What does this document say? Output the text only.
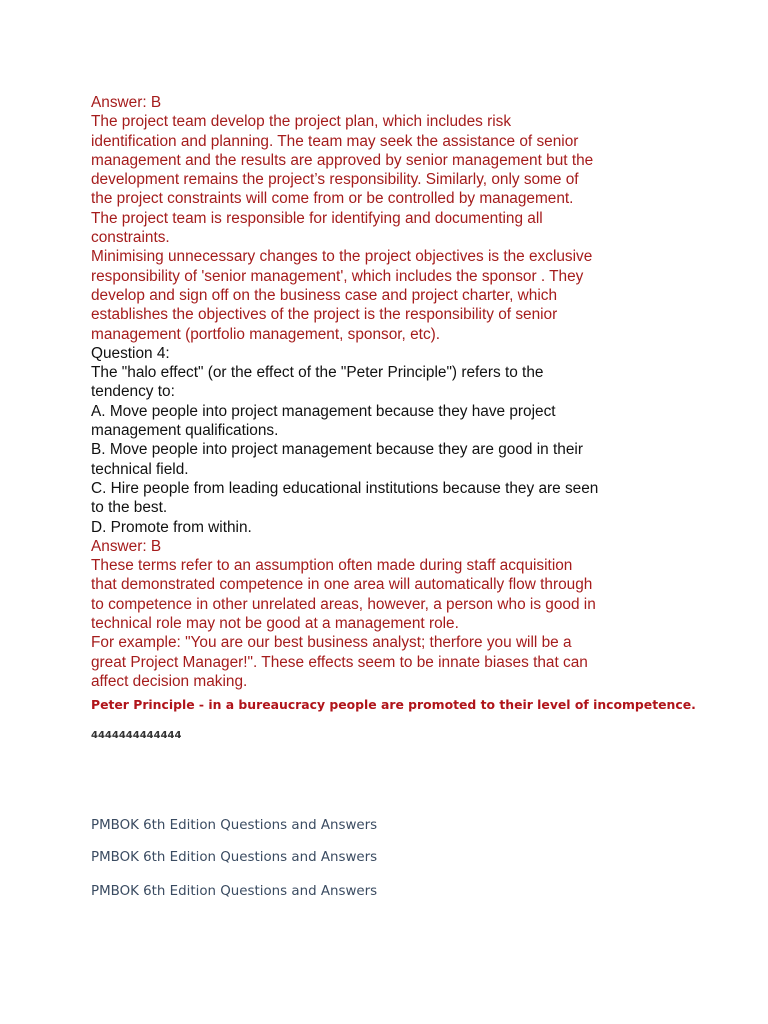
Answer: B
The project team develop the project plan, which includes risk
identification and planning. The team may seek the assistance of senior
management and the results are approved by senior management but the
development remains the project’s responsibility. Similarly, only some of
the project constraints will come from or be controlled by management.
The project team is responsible for identifying and documenting all
constraints.
Minimising unnecessary changes to the project objectives is the exclusive
responsibility of 'senior management', which includes the sponsor . They
develop and sign off on the business case and project charter, which
establishes the objectives of the project is the responsibility of senior
management (portfolio management, sponsor, etc).
Question 4:
The "halo effect" (or the effect of the "Peter Principle") refers to the
tendency to:
A. Move people into project management because they have project
management qualifications.
B. Move people into project management because they are good in their
technical field.
C. Hire people from leading educational institutions because they are seen
to the best.
D. Promote from within.
Answer: B
These terms refer to an assumption often made during staff acquisition
that demonstrated competence in one area will automatically flow through
to competence in other unrelated areas, however, a person who is good in
technical role may not be good at a management role.
For example: "You are our best business analyst; therfore you will be a
great Project Manager!". These effects seem to be innate biases that can
affect decision making.
Peter Principle - in a bureaucracy people are promoted to their level of incompetence.
4444444444444
PMBOK 6th Edition Questions and Answers
PMBOK 6th Edition Questions and Answers
PMBOK 6th Edition Questions and Answers
